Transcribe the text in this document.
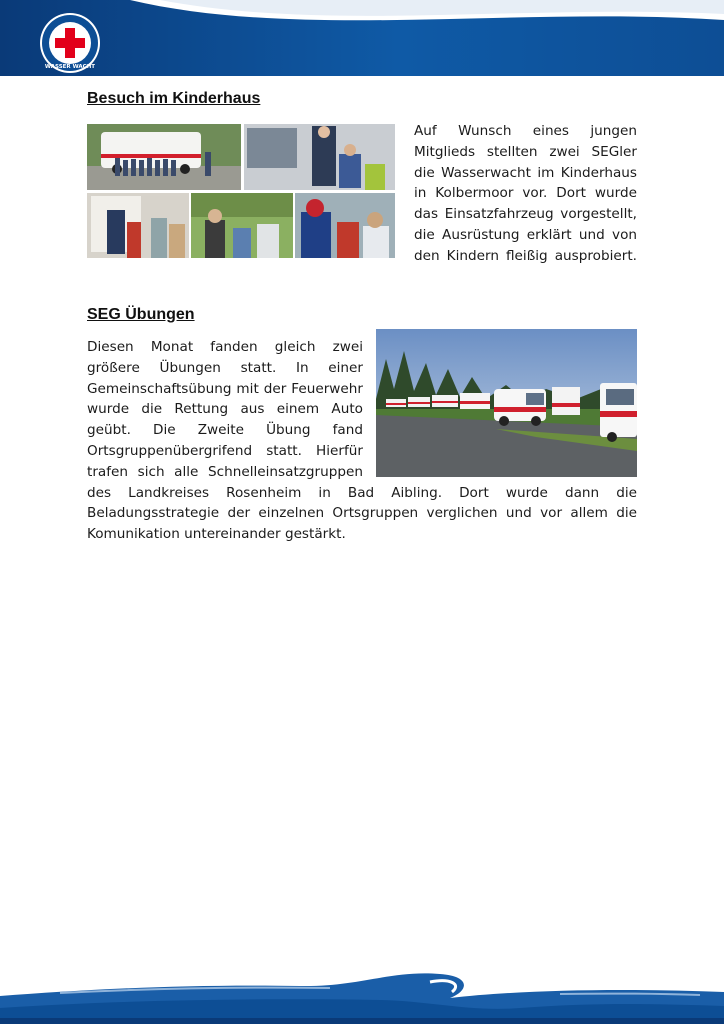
WASSER WACHT
Besuch im Kinderhaus

Auf Wunsch eines jungen

Mitglieds stellten zwei SEGler

die Wasserwacht im Kinderhaus

in Kolbermoor vor. Dort wurde

das Einsatzfahrzeug vorgestellt,

die Ausrüstung erklärt und von

den Kindern fleißig ausprobiert.

SEG Übungen

Diesen Monat fanden gleich zwei

größere Übungen statt. In einer

Gemeinschaftsübung mit der Feuerwehr

wurde die Rettung aus einem Auto

geübt. Die Zweite Übung fand

Ortsgruppenübergrifend statt. Hierfür

trafen sich alle Schnelleinsatzgruppen

des Landkreises Rosenheim in Bad Aibling. Dort wurde dann die

Beladungsstrategie der einzelnen Ortsgruppen verglichen und vor allem die

Komunikation untereinander gestärkt.
